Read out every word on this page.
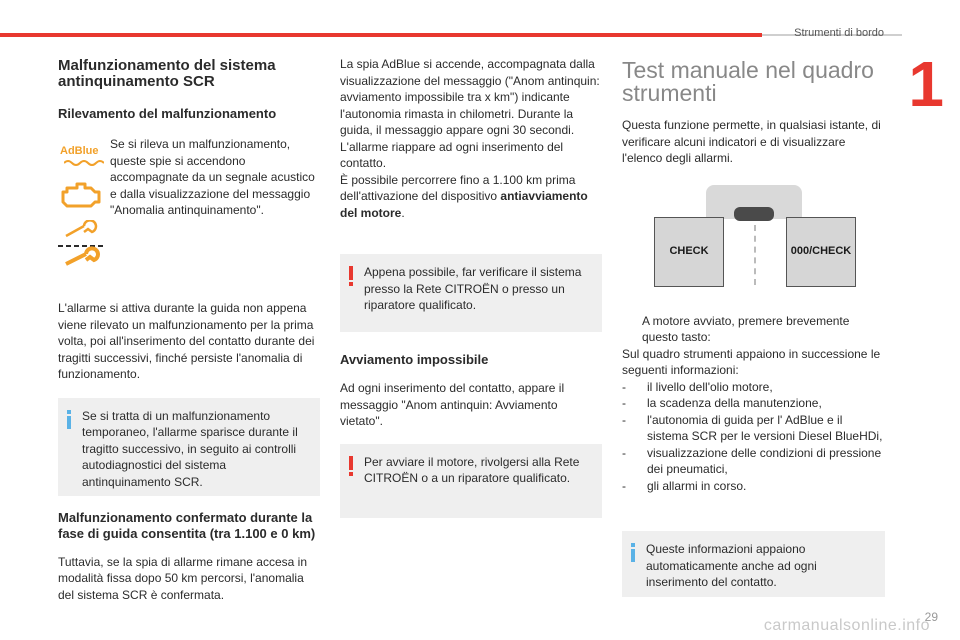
Strumenti di bordo
1
Malfunzionamento del sistema antinquinamento SCR
Rilevamento del malfunzionamento
AdBlue Se si rileva un malfunzionamento, queste spie si accendono accompagnate da un segnale acustico e dalla visualizzazione del messaggio "Anomalia antinquinamento".

L'allarme si attiva durante la guida non appena viene rilevato un malfunzionamento per la prima volta, poi all'inserimento del contatto durante dei tragitti successivi, finché persiste l'anomalia di funzionamento.

Se si tratta di un malfunzionamento temporaneo, l'allarme sparisce durante il tragitto successivo, in seguito ai controlli autodiagnostici del sistema antinquinamento SCR.

Malfunzionamento confermato durante la fase di guida consentita (tra 1.100 e 0 km)

Tuttavia, se la spia di allarme rimane accesa in modalità fissa dopo 50 km percorsi, l'anomalia del sistema SCR è confermata.

La spia AdBlue si accende, accompagnata dalla visualizzazione del messaggio ("Anom antinquin: avviamento impossibile tra x km") indicante l'autonomia rimasta in chilometri. Durante la guida, il messaggio appare ogni 30 secondi. L'allarme riappare ad ogni inserimento del contatto.

È possibile percorrere fino a 1.100 km prima dell'attivazione del dispositivo antiavviamento del motore.

Appena possibile, far verificare il sistema presso la Rete CITROËN o presso un riparatore qualificato.

Avviamento impossibile

Ad ogni inserimento del contatto, appare il messaggio "Anom antinquin: Avviamento vietato".

Per avviare il motore, rivolgersi alla Rete CITROËN o a un riparatore qualificato.

Test manuale nel quadro strumenti

Questa funzione permette, in qualsiasi istante, di verificare alcuni indicatori e di visualizzare l'elenco degli allarmi.

CHECK	000/CHECK
A motore avviato, premere brevemente questo tasto:

Sul quadro strumenti appaiono in successione le seguenti informazioni:

- il livello dell'olio motore,
- la scadenza della manutenzione,
- l'autonomia di guida per l' AdBlue e il sistema SCR per le versioni Diesel BlueHDi,
- visualizzazione delle condizioni di pressione dei pneumatici,
- gli allarmi in corso.

Queste informazioni appaiono automaticamente anche ad ogni inserimento del contatto.

29
carmanualsonline.info
